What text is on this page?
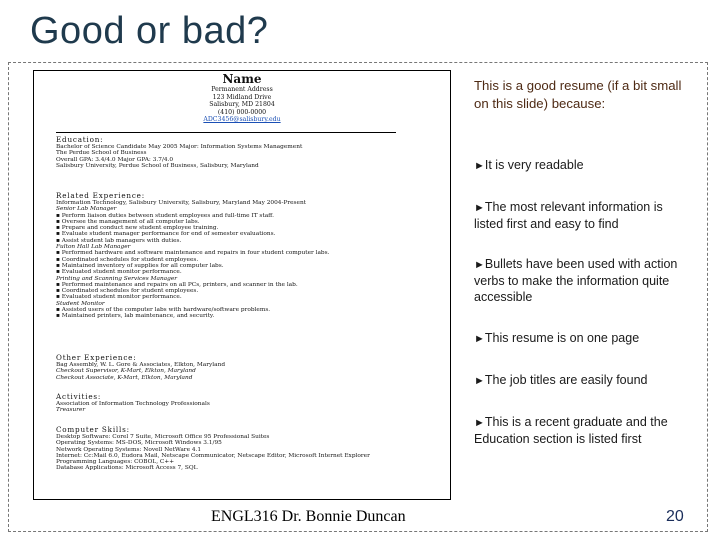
Good or bad?
Name
Permanent Address
123 Midland Drive
Salisbury, MD 21804
(410) 000-0000
ADC3456@salisbury.edu
Education:
Bachelor of Science Candidate May 2005 Major: Information Systems Management
The Perdue School of Business
Overall GPA: 3.4/4.0 Major GPA: 3.7/4.0
Salisbury University, Perdue School of Business, Salisbury, Maryland
Related Experience:
Information Technology, Salisbury University, Salisbury, Maryland May 2004-Present
Senior Lab Manager
▪ Perform liaison duties between student employees and full-time IT staff.
▪ Oversee the management of all computer labs.
▪ Prepare and conduct new student employee training.
▪ Evaluate student manager performance for end of semester evaluations.
▪ Assist student lab managers with duties.
Fulton Hall Lab Manager
▪ Performed hardware and software maintenance and repairs in four student computer labs.
▪ Coordinated schedules for student employees.
▪ Maintained inventory of supplies for all computer labs.
▪ Evaluated student monitor performance.
Printing and Scanning Services Manager
▪ Performed maintenance and repairs on all PCs, printers, and scanner in the lab.
▪ Coordinated schedules for student employees.
▪ Evaluated student monitor performance.
Student Monitor
▪ Assisted users of the computer labs with hardware/software problems.
▪ Maintained printers, lab maintenance, and security.
Other Experience:
Bag Assembly, W. L. Gore & Associates, Elkton, Maryland
Checkout Supervisor, K-Mart, Elkton, Maryland
Checkout Associate, K-Mart, Elkton, Maryland
Activities:
Association of Information Technology Professionals
Treasurer
Computer Skills:
Desktop Software: Corel 7 Suite, Microsoft Office 95 Professional Suites
Operating Systems: MS-DOS, Microsoft Windows 3.1/95
Network Operating Systems: Novell NetWare 4.1
Internet: Cc:Mail 6.0, Eudora Mail, Netscape Communicator, Netscape Editor, Microsoft Internet Explorer
Programming Languages: COBOL, C++
Database Applications: Microsoft Access 7, SQL
This is a good resume (if a bit small on this slide) because:
►It is very readable
►The most relevant information is listed first and easy to find
►Bullets have been used with action verbs to make the information quite accessible
►This resume is on one page
►The job titles are easily found
►This is a recent graduate and the Education section is listed first
ENGL316 Dr. Bonnie Duncan	20
